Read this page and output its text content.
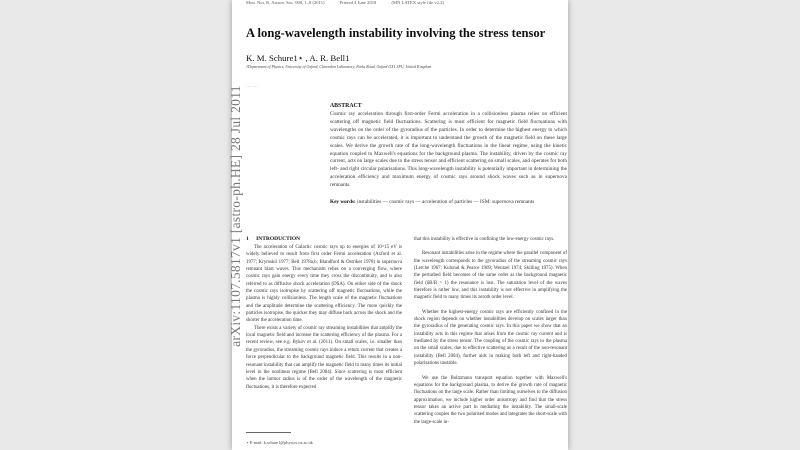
Mon. Not. R. Astron. Soc. 000, 1–8 (2011)	Printed 4 June 2018	(MN LATEX style file v2.2)
A long-wavelength instability involving the stress tensor
K. M. Schure1⋆ , A. R. Bell1
1Department of Physics, University of Oxford, Clarendon Laboratory, Parks Road, Oxford OX1 3PU, United Kingdom
......
ABSTRACT
Cosmic ray acceleration through first-order Fermi acceleration in a collisionless plasma relies on efficient scattering off magnetic field fluctuations. Scattering is most efficient for magnetic field fluctuations with wavelengths on the order of the gyroradius of the particles. In order to determine the highest energy to which cosmic rays can be accelerated, it is important to understand the growth of the magnetic field on these large scales. We derive the growth rate of the long-wavelength fluctuations in the linear regime, using the kinetic equation coupled to Maxwell's equations for the background plasma. The instability, driven by the cosmic ray current, acts on large scales due to the stress tensor and efficient scattering on small scales, and operates for both left- and right circular polarisations. This long-wavelength instability is potentially important in determining the acceleration efficiency and maximum energy of cosmic rays around shock waves such as in supernova remnants.
Key words: instabilities — cosmic rays — acceleration of particles — ISM: supernova remnants
1 INTRODUCTION

The acceleration of Galactic cosmic rays up to energies of 10^15 eV is widely believed to result from first order Fermi acceleration (Axford et al. 1977; Krymskii 1977; Bell 1978a,b; Blandford & Ostriker 1978) in supernova remnant blast waves. This mechanism relies on a converging flow, where cosmic rays gain energy every time they cross the discontinuity, and is also referred to as diffusive shock acceleration (DSA). On either side of the shock the cosmic rays isotropise by scattering off magnetic fluctuations, while the plasma is highly collisionless. The length scale of the magnetic fluctuations and the amplitude determine the scattering efficiency. The more quickly the particles isotropise, the quicker they may diffuse back across the shock and the shorter the acceleration time.

There exists a variety of cosmic ray streaming instabilities that amplify the local magnetic field and increase the scattering efficiency of the plasma. For a recent review, see e.g. Bykov et al. (2011). On small scales, i.e. smaller than the gyroradius, the streaming cosmic rays induce a return current that creates a force perpendicular to the background magnetic field. This results in a non-resonant instability that can amplify the magnetic field to many times its initial level in the nonlinear regime (Bell 2004). Since scattering is most efficient when the larmor radius is of the order of the wavelength of the magnetic fluctuations, it is therefore expected

that this instability is effective in confining the low-energy cosmic rays.

Resonant instabilities arise in the regime where the parallel component of the wavelength corresponds to the gyroradius of the streaming cosmic rays (Lerche 1967; Kulsrud & Pearce 1969; Wentzel 1974; Skilling 1975). When the perturbed field becomes of the same order as the background magnetic field (δB/B > 1) the resonance is lost. The saturation level of the waves therefore is rather low, and this instability is not effective in amplifying the magnetic field to many times its zeroth order level.

Whether the highest-energy cosmic rays are efficiently confined in the shock region depends on whether instabilities develop on scales larger than the gyroradius of the generating cosmic rays. In this paper we show that an instability acts in this regime that arises from the cosmic ray current and is mediated by the stress tensor. The coupling of the cosmic rays to the plasma on the small scales, due to effective scattering as a result of the non-resonant instability (Bell 2004), further aids in making both left and right-handed polarisations unstable.

We use the Boltzmann transport equation together with Maxwell's equations for the background plasma, to derive the growth rate of magnetic fluctuations on the large scale. Rather than limiting ourselves to the diffusion approximation, we include higher order anisotropy and find that the stress tensor takes an active part in mediating the instability. The small-scale scattering couples the two polarised modes and integrates the short-scale with the large-scale in-

⋆ E-mail: k.schure1@physics.ox.ac.uk
arXiv:1107.5817v1 [astro-ph.HE] 28 Jul 2011
